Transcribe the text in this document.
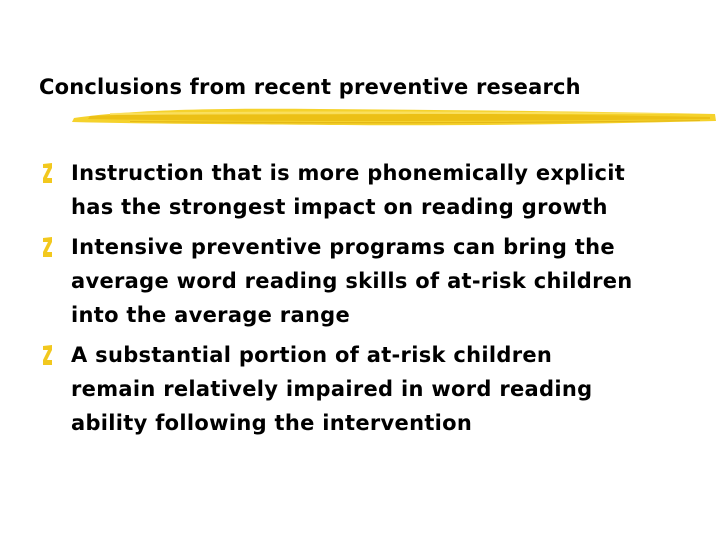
Conclusions from recent preventive research
Instruction that is more phonemically explicit
has the strongest impact on reading growth
Intensive preventive programs can bring the
average word reading skills of at-risk children
into the average range
A substantial portion of at-risk children
remain relatively impaired in word reading
ability following the intervention
